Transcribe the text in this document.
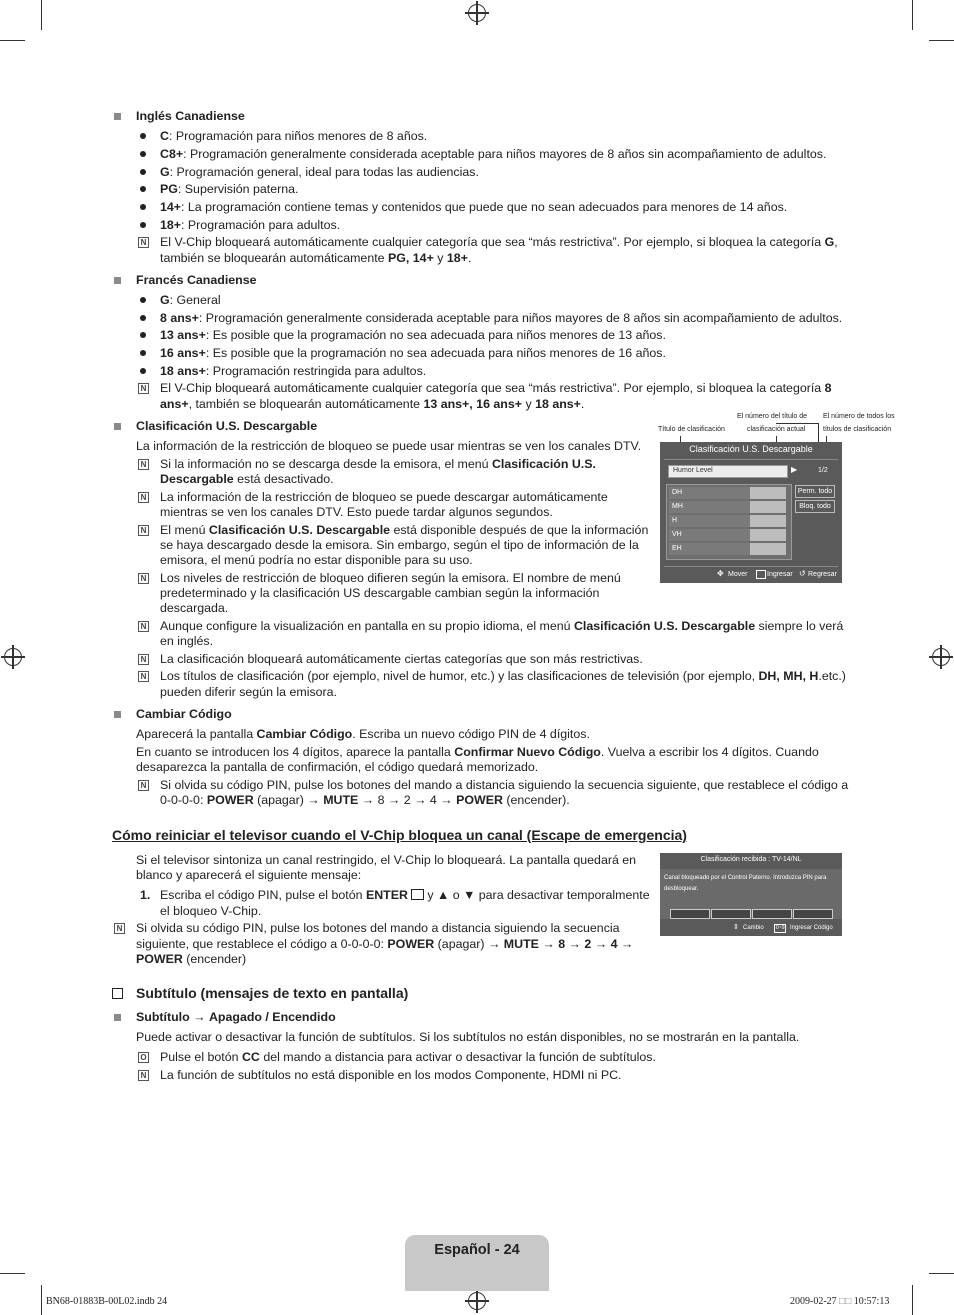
Inglés Canadiense
C: Programación para niños menores de 8 años.
C8+: Programación generalmente considerada aceptable para niños mayores de 8 años sin acompañamiento de adultos.
G: Programación general, ideal para todas las audiencias.
PG: Supervisión paterna.
14+: La programación contiene temas y contenidos que puede que no sean adecuados para menores de 14 años.
18+: Programación para adultos.
N El V-Chip bloqueará automáticamente cualquier categoría que sea “más restrictiva”. Por ejemplo, si bloquea la categoría G,
también se bloquearán automáticamente PG, 14+ y 18+.
Francés Canadiense
G: General
8 ans+: Programación generalmente considerada aceptable para niños mayores de 8 años sin acompañamiento de adultos.
13 ans+: Es posible que la programación no sea adecuada para niños menores de 13 años.
16 ans+: Es posible que la programación no sea adecuada para niños menores de 16 años.
18 ans+: Programación restringida para adultos.
N El V-Chip bloqueará automáticamente cualquier categoría que sea “más restrictiva”. Por ejemplo, si bloquea la categoría 8
ans+, también se bloquearán automáticamente 13 ans+, 16 ans+ y 18 ans+.
Clasificación U.S. Descargable
La información de la restricción de bloqueo se puede usar mientras se ven los canales DTV.
N Si la información no se descarga desde la emisora, el menú Clasificación U.S.
Descargable está desactivado.
N La información de la restricción de bloqueo se puede descargar automáticamente
mientras se ven los canales DTV. Esto puede tardar algunos segundos.
N El menú Clasificación U.S. Descargable está disponible después de que la información
se haya descargado desde la emisora. Sin embargo, según el tipo de información de la
emisora, el menú podría no estar disponible para su uso.
N Los niveles de restricción de bloqueo difieren según la emisora. El nombre de menú
predeterminado y la clasificación US descargable cambian según la información
descargada.
N Aunque configure la visualización en pantalla en su propio idioma, el menú Clasificación U.S. Descargable siempre lo verá
en inglés.
N La clasificación bloqueará automáticamente ciertas categorías que son más restrictivas.
N Los títulos de clasificación (por ejemplo, nivel de humor, etc.) y las clasificaciones de televisión (por ejemplo, DH, MH, H.etc.)
pueden diferir según la emisora.
Título de clasificación
El número del título de
clasificación actual
El número de todos los
títulos de clasificación
Clasificación U.S. Descargable
Humor Level	▶	1/2
DH
MH
H
VH
EH
Perm. todo
Bloq. todo
✥ Mover	Ingresar ↺ Regresar
Cambiar Código
Aparecerá la pantalla Cambiar Código. Escriba un nuevo código PIN de 4 dígitos.
En cuanto se introducen los 4 dígitos, aparece la pantalla Confirmar Nuevo Código. Vuelva a escribir los 4 dígitos. Cuando
desaparezca la pantalla de confirmación, el código quedará memorizado.
N Si olvida su código PIN, pulse los botones del mando a distancia siguiendo la secuencia siguiente, que restablece el código a
0-0-0-0: POWER (apagar) → MUTE → 8 → 2 → 4 → POWER (encender).
Cómo reiniciar el televisor cuando el V-Chip bloquea un canal (Escape de emergencia)
Si el televisor sintoniza un canal restringido, el V-Chip lo bloqueará. La pantalla quedará en
blanco y aparecerá el siguiente mensaje:
1. Escriba el código PIN, pulse el botón ENTER y ▲ o ▼ para desactivar temporalmente
el bloqueo V-Chip.
N Si olvida su código PIN, pulse los botones del mando a distancia siguiendo la secuencia
siguiente, que restablece el código a 0-0-0-0: POWER (apagar) → MUTE → 8 → 2 → 4 →
POWER (encender)
Clasificación recibida : TV-14/NL
Canal bloqueado por el Control Paterno. Introduzca PIN para
desbloquear.
⇕ Cambio	0~9 Ingresar Código
Subtítulo (mensajes de texto en pantalla)
Subtítulo → Apagado / Encendido
Puede activar o desactivar la función de subtítulos. Si los subtítulos no están disponibles, no se mostrarán en la pantalla.
O Pulse el botón CC del mando a distancia para activar o desactivar la función de subtítulos.
N La función de subtítulos no está disponible en los modos Componente, HDMI ni PC.
Español - 24
BN68-01883B-00L02.indb 24	2009-02-27 □□ 10:57:13
